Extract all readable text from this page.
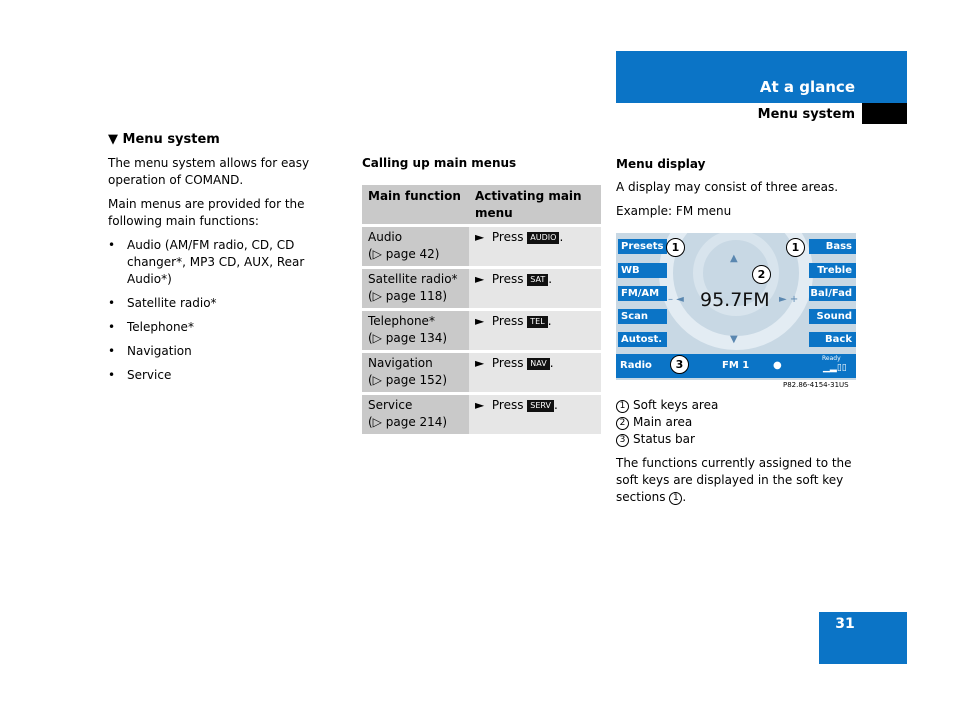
At a glance
Menu system
▼ Menu system

The menu system allows for easy operation of COMAND.

Main menus are provided for the following main functions:

• Audio (AM/FM radio, CD, CD changer*, MP3 CD, AUX, Rear Audio*)
• Satellite radio*
• Telephone*
• Navigation
• Service
Calling up main menus
Main function	Activating main menu
Audio
(▷ page 42)	► Press AUDIO .
Satellite radio*
(▷ page 118)	► Press SAT .
Telephone*
(▷ page 134)	► Press TEL .
Navigation
(▷ page 152)	► Press NAV .
Service
(▷ page 214)	► Press SERV .
Menu display

A display may consist of three areas.

Example: FM menu

Presets
WB
FM/AM
Scan
Autost.
Bass
Treble
Bal/Fad
Sound
Back
▲
▼
– ◄	► +
95.7FM
Radio	FM 1 ●
Ready
▁▂▯▯
1	1
2
3
P82.86-4154-31US
1 Soft keys area
2 Main area
3 Status bar

The functions currently assigned to the soft keys are displayed in the soft key sections 1 .

31
